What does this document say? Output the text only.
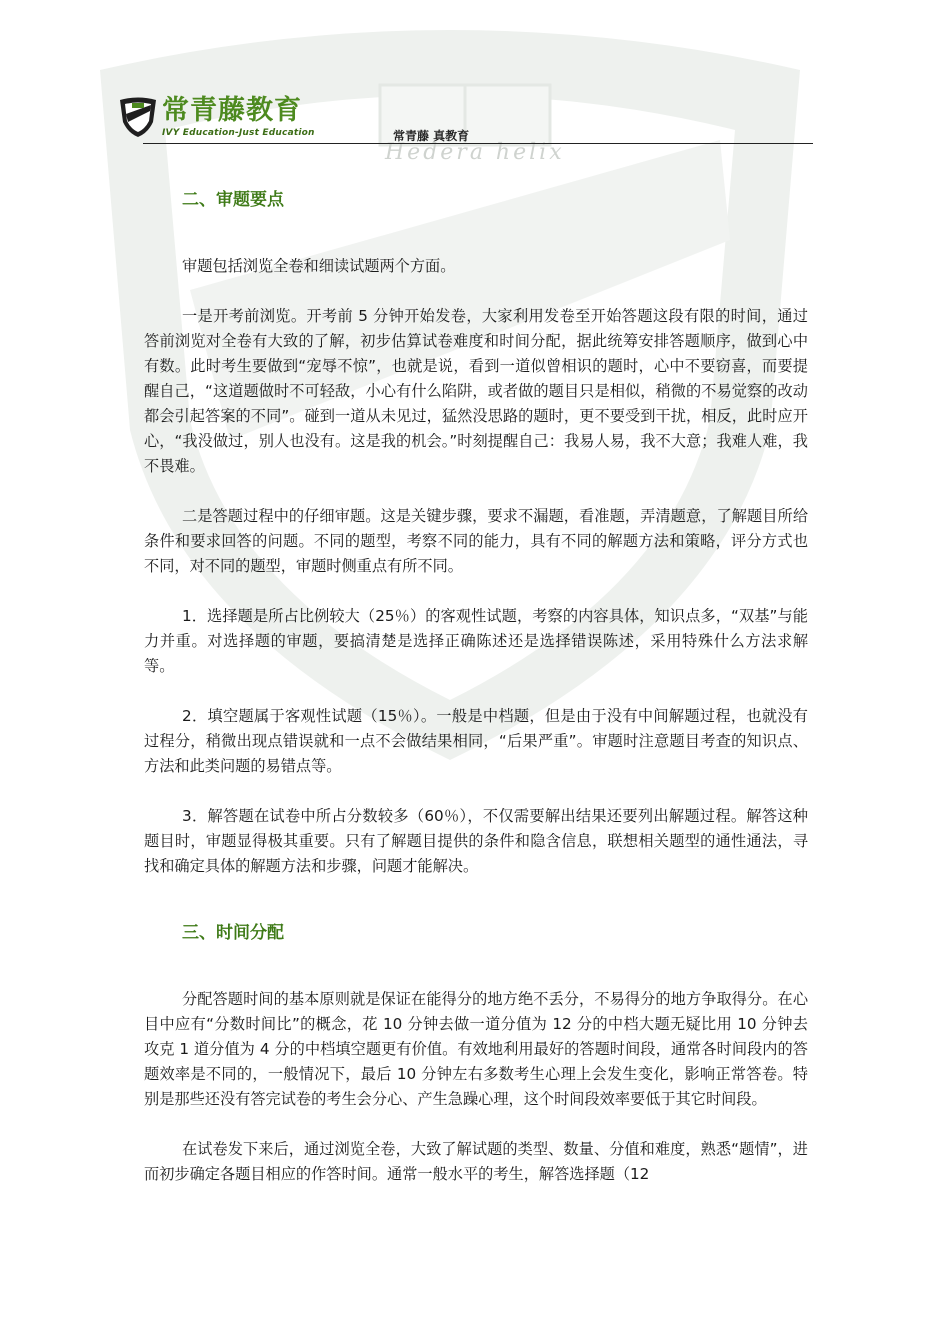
Hedera helix
常青藤教育
IVY Education-Just Education	常青藤 真教育
二、审题要点

审题包括浏览全卷和细读试题两个方面。

一是开考前浏览。开考前 5 分钟开始发卷，大家利用发卷至开始答题这段有限的时间，通过答前浏览对全卷有大致的了解，初步估算试卷难度和时间分配，据此统筹安排答题顺序，做到心中有数。此时考生要做到“宠辱不惊”，也就是说，看到一道似曾相识的题时，心中不要窃喜，而要提醒自己，“这道题做时不可轻敌，小心有什么陷阱，或者做的题目只是相似，稍微的不易觉察的改动都会引起答案的不同”。碰到一道从未见过，猛然没思路的题时，更不要受到干扰，相反，此时应开心，“我没做过，别人也没有。这是我的机会。”时刻提醒自己：我易人易，我不大意；我难人难，我不畏难。

二是答题过程中的仔细审题。这是关键步骤，要求不漏题，看准题，弄清题意，了解题目所给条件和要求回答的问题。不同的题型，考察不同的能力，具有不同的解题方法和策略，评分方式也不同，对不同的题型，审题时侧重点有所不同。

1．选择题是所占比例较大（25％）的客观性试题，考察的内容具体，知识点多，“双基”与能力并重。对选择题的审题，要搞清楚是选择正确陈述还是选择错误陈述，采用特殊什么方法求解等。

2．填空题属于客观性试题（15％）。一般是中档题，但是由于没有中间解题过程，也就没有过程分，稍微出现点错误就和一点不会做结果相同，“后果严重”。审题时注意题目考查的知识点、方法和此类问题的易错点等。

3．解答题在试卷中所占分数较多（60％），不仅需要解出结果还要列出解题过程。解答这种题目时，审题显得极其重要。只有了解题目提供的条件和隐含信息，联想相关题型的通性通法，寻找和确定具体的解题方法和步骤，问题才能解决。

三、时间分配

分配答题时间的基本原则就是保证在能得分的地方绝不丢分，不易得分的地方争取得分。在心目中应有“分数时间比”的概念，花 10 分钟去做一道分值为 12 分的中档大题无疑比用 10 分钟去攻克 1 道分值为 4 分的中档填空题更有价值。有效地利用最好的答题时间段，通常各时间段内的答题效率是不同的，一般情况下，最后 10 分钟左右多数考生心理上会发生变化，影响正常答卷。特别是那些还没有答完试卷的考生会分心、产生急躁心理，这个时间段效率要低于其它时间段。

在试卷发下来后，通过浏览全卷，大致了解试题的类型、数量、分值和难度，熟悉“题情”，进而初步确定各题目相应的作答时间。通常一般水平的考生，解答选择题（12
